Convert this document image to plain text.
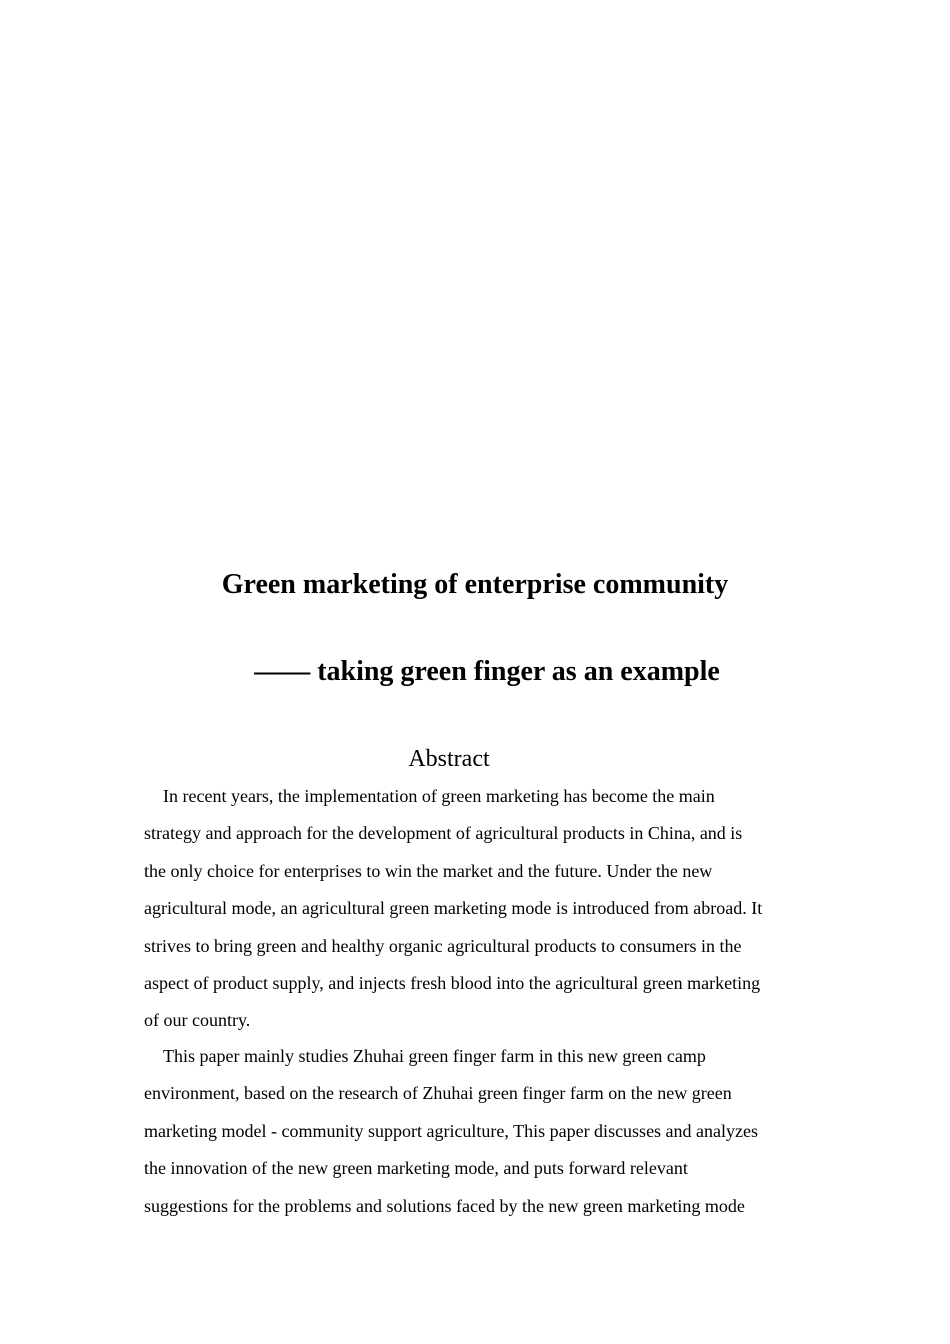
Green marketing of enterprise community
—— taking green finger as an example
Abstract
In recent years, the implementation of green marketing has become the main
strategy and approach for the development of agricultural products in China, and is
the only choice for enterprises to win the market and the future. Under the new
agricultural mode, an agricultural green marketing mode is introduced from abroad. It
strives to bring green and healthy organic agricultural products to consumers in the
aspect of product supply, and injects fresh blood into the agricultural green marketing
of our country.
This paper mainly studies Zhuhai green finger farm in this new green camp
environment, based on the research of Zhuhai green finger farm on the new green
marketing model - community support agriculture, This paper discusses and analyzes
the innovation of the new green marketing mode, and puts forward relevant
suggestions for the problems and solutions faced by the new green marketing mode
